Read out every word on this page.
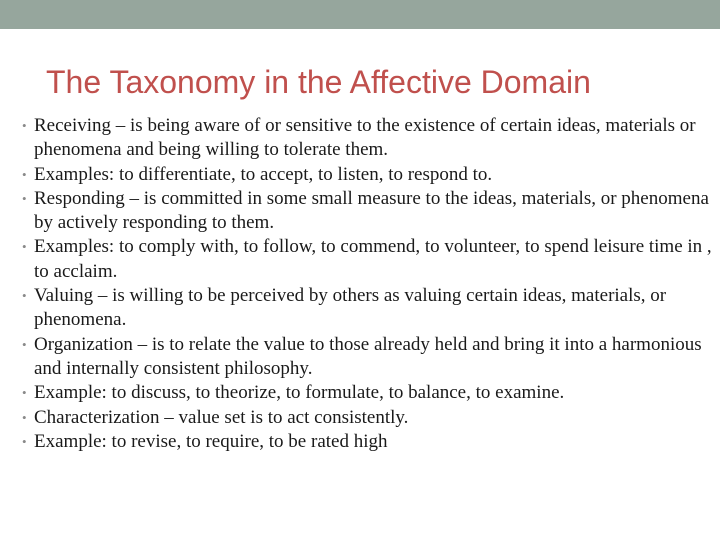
The Taxonomy in the Affective Domain
• Receiving – is being aware of or sensitive to the existence of certain ideas, materials or phenomena and being willing to tolerate them.
• Examples: to differentiate, to accept, to listen, to respond to.
• Responding – is committed in some small measure to the ideas, materials, or phenomena by actively responding to them.
• Examples: to comply with, to follow, to commend, to volunteer, to spend leisure time in , to acclaim.
• Valuing – is willing to be perceived by others as valuing certain ideas, materials, or phenomena.
• Organization – is to relate the value to those already held and bring it into a harmonious and internally consistent philosophy.
• Example: to discuss, to theorize, to formulate, to balance, to examine.
• Characterization – value set is to act consistently.
• Example: to revise, to require, to be rated high
